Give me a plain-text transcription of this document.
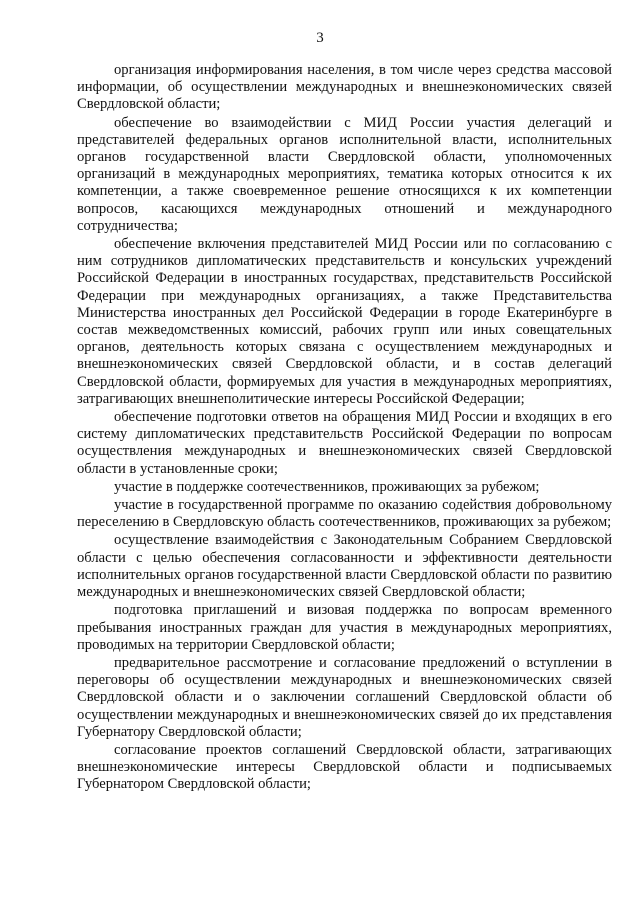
3

организация информирования населения, в том числе через средства массовой информации, об осуществлении международных и внешнеэкономических связей Свердловской области;

обеспечение во взаимодействии с МИД России участия делегаций и представителей федеральных органов исполнительной власти, исполнительных органов государственной власти Свердловской области, уполномоченных организаций в международных мероприятиях, тематика которых относится к их компетенции, а также своевременное решение относящихся к их компетенции вопросов, касающихся международных отношений и международного сотрудничества;

обеспечение включения представителей МИД России или по согласованию с ним сотрудников дипломатических представительств и консульских учреждений Российской Федерации в иностранных государствах, представительств Российской Федерации при международных организациях, а также Представительства Министерства иностранных дел Российской Федерации в городе Екатеринбурге в состав межведомственных комиссий, рабочих групп или иных совещательных органов, деятельность которых связана с осуществлением международных и внешнеэкономических связей Свердловской области, и в состав делегаций Свердловской области, формируемых для участия в международных мероприятиях, затрагивающих внешнеполитические интересы Российской Федерации;

обеспечение подготовки ответов на обращения МИД России и входящих в его систему дипломатических представительств Российской Федерации по вопросам осуществления международных и внешнеэкономических связей Свердловской области в установленные сроки;

участие в поддержке соотечественников, проживающих за рубежом;

участие в государственной программе по оказанию содействия добровольному переселению в Свердловскую область соотечественников, проживающих за рубежом;

осуществление взаимодействия с Законодательным Собранием Свердловской области с целью обеспечения согласованности и эффективности деятельности исполнительных органов государственной власти Свердловской области по развитию международных и внешнеэкономических связей Свердловской области;

подготовка приглашений и визовая поддержка по вопросам временного пребывания иностранных граждан для участия в международных мероприятиях, проводимых на территории Свердловской области;

предварительное рассмотрение и согласование предложений о вступлении в переговоры об осуществлении международных и внешнеэкономических связей Свердловской области и о заключении соглашений Свердловской области об осуществлении международных и внешнеэкономических связей до их представления Губернатору Свердловской области;

согласование проектов соглашений Свердловской области, затрагивающих внешнеэкономические интересы Свердловской области и подписываемых Губернатором Свердловской области;
